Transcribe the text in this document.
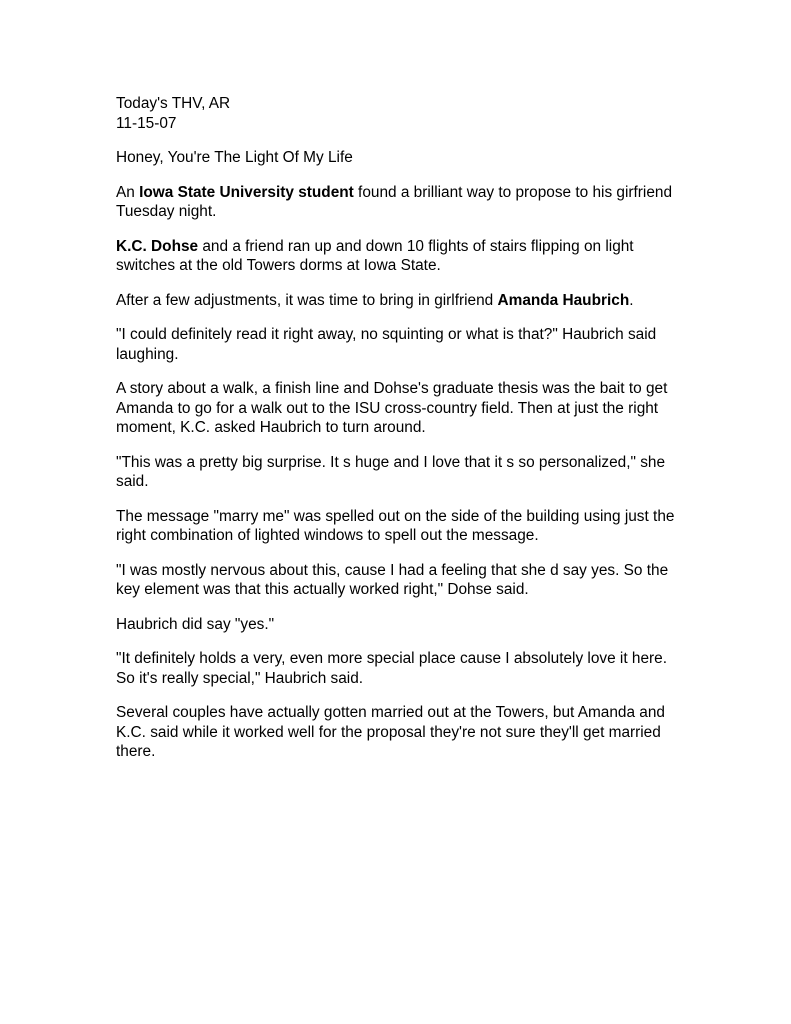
Today's THV, AR
11-15-07

Honey, You're The Light Of My Life

An Iowa State University student found a brilliant way to propose to his girfriend Tuesday night.

K.C. Dohse and a friend ran up and down 10 flights of stairs flipping on light switches at the old Towers dorms at Iowa State.

After a few adjustments, it was time to bring in girlfriend Amanda Haubrich.

"I could definitely read it right away, no squinting or what is that?" Haubrich said laughing.

A story about a walk, a finish line and Dohse's graduate thesis was the bait to get Amanda to go for a walk out to the ISU cross-country field. Then at just the right moment, K.C. asked Haubrich to turn around.

"This was a pretty big surprise. It s huge and I love that it s so personalized," she said.

The message "marry me" was spelled out on the side of the building using just the right combination of lighted windows to spell out the message.

"I was mostly nervous about this, cause I had a feeling that she d say yes. So the key element was that this actually worked right," Dohse said.

Haubrich did say "yes."

"It definitely holds a very, even more special place cause I absolutely love it here. So it's really special," Haubrich said.

Several couples have actually gotten married out at the Towers, but Amanda and K.C. said while it worked well for the proposal they're not sure they'll get married there.
